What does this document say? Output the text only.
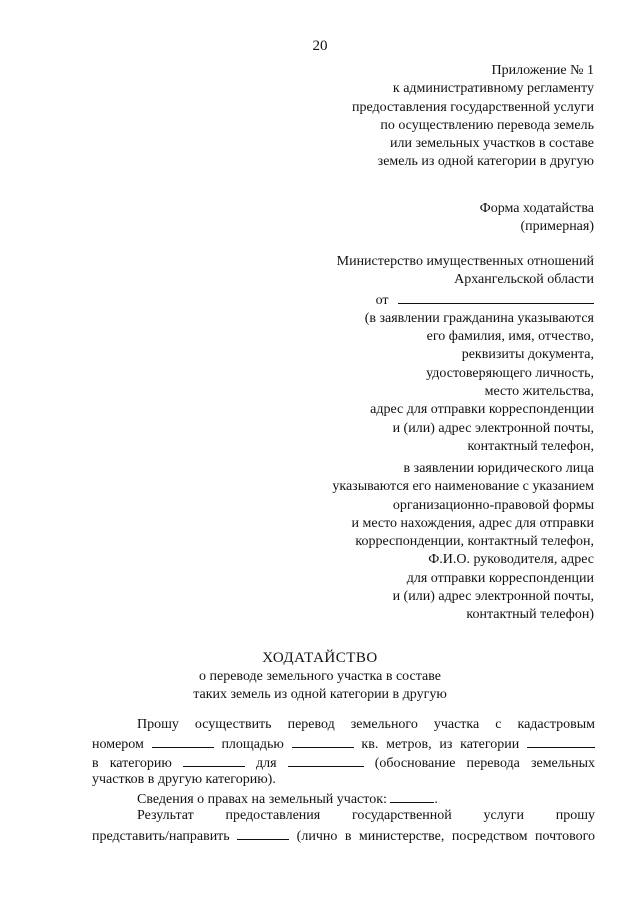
20
Приложение № 1
к административному регламенту
предоставления государственной услуги
по осуществлению перевода земель
или земельных участков в составе
земель из одной категории в другую
Форма ходатайства
(примерная)
Министерство имущественных отношений
Архангельской области
от
(в заявлении гражданина указываются
его фамилия, имя, отчество,
реквизиты документа,
удостоверяющего личность,
место жительства,
адрес для отправки корреспонденции
и (или) адрес электронной почты,
контактный телефон,
в заявлении юридического лица
указываются его наименование с указанием
организационно-правовой формы
и место нахождения, адрес для отправки
корреспонденции, контактный телефон,
Ф.И.О. руководителя, адрес
для отправки корреспонденции
и (или) адрес электронной почты,
контактный телефон)
ХОДАТАЙСТВО
о переводе земельного участка в составе
таких земель из одной категории в другую
Прошу осуществить перевод земельного участка с кадастровым
номером	площадью	кв. метров, из категории
в категорию	для	(обоснование перевода земельных
участков в другую категорию).
Сведения о правах на земельный участок:	.
Результат предоставления государственной услуги прошу
представить/направить	(лично в министерстве, посредством почтового
